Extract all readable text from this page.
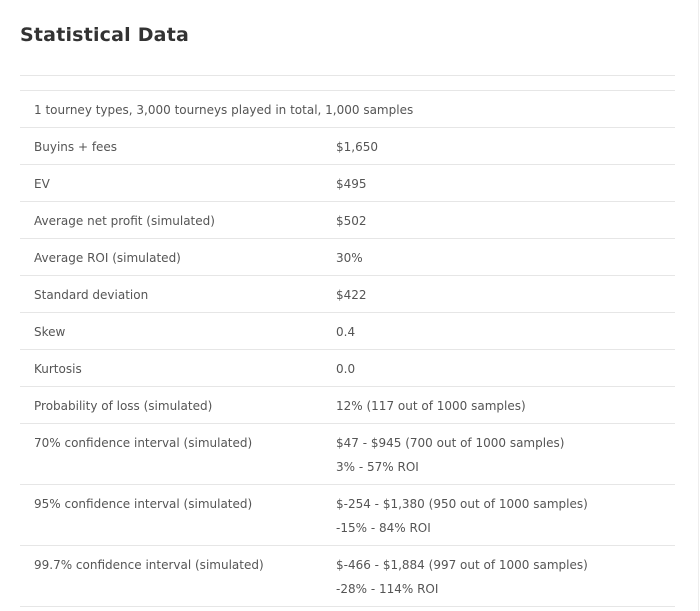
Statistical Data
1 tourney types, 3,000 tourneys played in total, 1,000 samples	
Buyins + fees	$1,650
EV	$495
Average net profit (simulated)	$502
Average ROI (simulated)	30%
Standard deviation	$422
Skew	0.4
Kurtosis	0.0
Probability of loss (simulated)	12% (117 out of 1000 samples)
70% confidence interval (simulated)	$47 - $945 (700 out of 1000 samples)
3% - 57% ROI

95% confidence interval (simulated)	$-254 - $1,380 (950 out of 1000 samples)
-15% - 84% ROI

99.7% confidence interval (simulated)	$-466 - $1,884 (997 out of 1000 samples)
-28% - 114% ROI
